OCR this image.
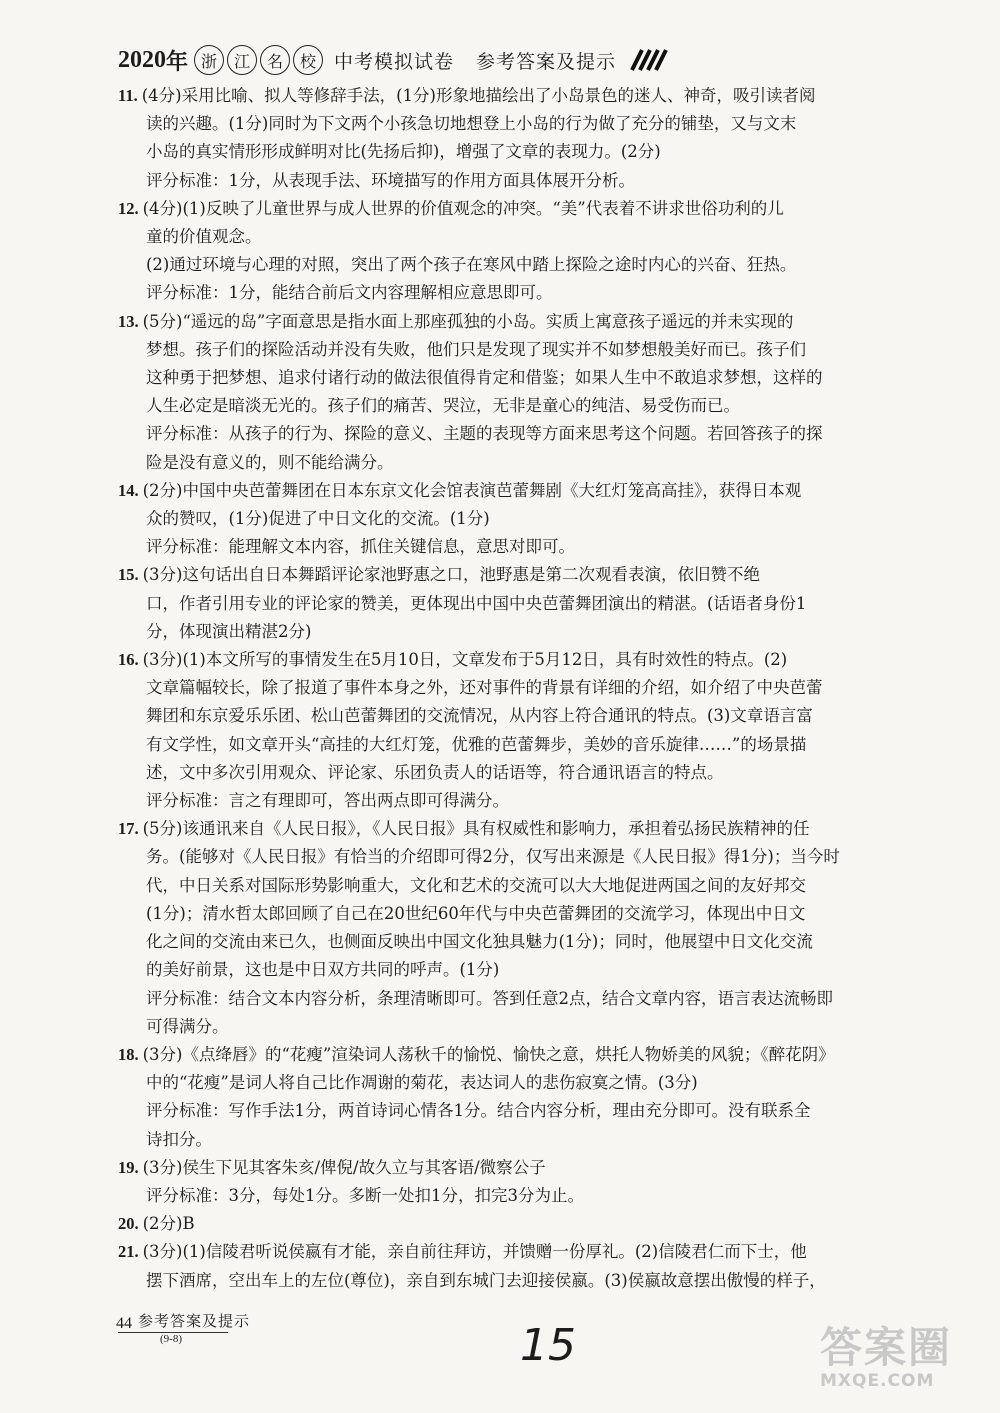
2020 年 浙	江	名	校 中考模拟试卷 参考答案及提示
11. (4分)采用比喻、拟人等修辞手法，(1分)形象地描绘出了小岛景色的迷人、神奇，吸引读者阅
读的兴趣。(1分)同时为下文两个小孩急切地想登上小岛的行为做了充分的铺垫，又与文末
小岛的真实情形形成鲜明对比(先扬后抑)，增强了文章的表现力。(2分)
评分标准：1分，从表现手法、环境描写的作用方面具体展开分析。
12. (4分)(1)反映了儿童世界与成人世界的价值观念的冲突。“美”代表着不讲求世俗功利的儿
童的价值观念。
(2)通过环境与心理的对照，突出了两个孩子在寒风中踏上探险之途时内心的兴奋、狂热。
评分标准：1分，能结合前后文内容理解相应意思即可。
13. (5分)“遥远的岛”字面意思是指水面上那座孤独的小岛。实质上寓意孩子遥远的并未实现的
梦想。孩子们的探险活动并没有失败，他们只是发现了现实并不如梦想般美好而已。孩子们
这种勇于把梦想、追求付诸行动的做法很值得肯定和借鉴；如果人生中不敢追求梦想，这样的
人生必定是暗淡无光的。孩子们的痛苦、哭泣，无非是童心的纯洁、易受伤而已。
评分标准：从孩子的行为、探险的意义、主题的表现等方面来思考这个问题。若回答孩子的探
险是没有意义的，则不能给满分。
14. (2分)中国中央芭蕾舞团在日本东京文化会馆表演芭蕾舞剧《大红灯笼高高挂》，获得日本观
众的赞叹，(1分)促进了中日文化的交流。(1分)
评分标准：能理解文本内容，抓住关键信息，意思对即可。
15. (3分)这句话出自日本舞蹈评论家池野惠之口，池野惠是第二次观看表演，依旧赞不绝
口，作者引用专业的评论家的赞美，更体现出中国中央芭蕾舞团演出的精湛。(话语者身份1
分，体现演出精湛2分)
16. (3分)(1)本文所写的事情发生在5月10日，文章发布于5月12日，具有时效性的特点。(2)
文章篇幅较长，除了报道了事件本身之外，还对事件的背景有详细的介绍，如介绍了中央芭蕾
舞团和东京爱乐乐团、松山芭蕾舞团的交流情况，从内容上符合通讯的特点。(3)文章语言富
有文学性，如文章开头“高挂的大红灯笼，优雅的芭蕾舞步，美妙的音乐旋律……”的场景描
述，文中多次引用观众、评论家、乐团负责人的话语等，符合通讯语言的特点。
评分标准：言之有理即可，答出两点即可得满分。
17. (5分)该通讯来自《人民日报》，《人民日报》具有权威性和影响力，承担着弘扬民族精神的任
务。(能够对《人民日报》有恰当的介绍即可得2分，仅写出来源是《人民日报》得1分)；当今时
代，中日关系对国际形势影响重大，文化和艺术的交流可以大大地促进两国之间的友好邦交
(1分)；清水哲太郎回顾了自己在20世纪60年代与中央芭蕾舞团的交流学习，体现出中日文
化之间的交流由来已久，也侧面反映出中国文化独具魅力(1分)；同时，他展望中日文化交流
的美好前景，这也是中日双方共同的呼声。(1分)
评分标准：结合文本内容分析，条理清晰即可。答到任意2点，结合文章内容，语言表达流畅即
可得满分。
18. (3分)《点绛唇》的“花瘦”渲染词人荡秋千的愉悦、愉快之意，烘托人物娇美的风貌；《醉花阴》
中的“花瘦”是词人将自己比作凋谢的菊花，表达词人的悲伤寂寞之情。(3分)
评分标准：写作手法1分，两首诗词心情各1分。结合内容分析，理由充分即可。没有联系全
诗扣分。
19. (3分)侯生下见其客朱亥/俾倪/故久立与其客语/微察公子
评分标准：3分，每处1分。多断一处扣1分，扣完3分为止。
20. (2分)B
21. (3分)(1)信陵君听说侯嬴有才能，亲自前往拜访，并馈赠一份厚礼。(2)信陵君仁而下士，他
摆下酒席，空出车上的左位(尊位)，亲自到东城门去迎接侯嬴。(3)侯嬴故意摆出傲慢的样子，
44 参考答案及提示
(9-8)	15	答案圈
MXQE.COM
